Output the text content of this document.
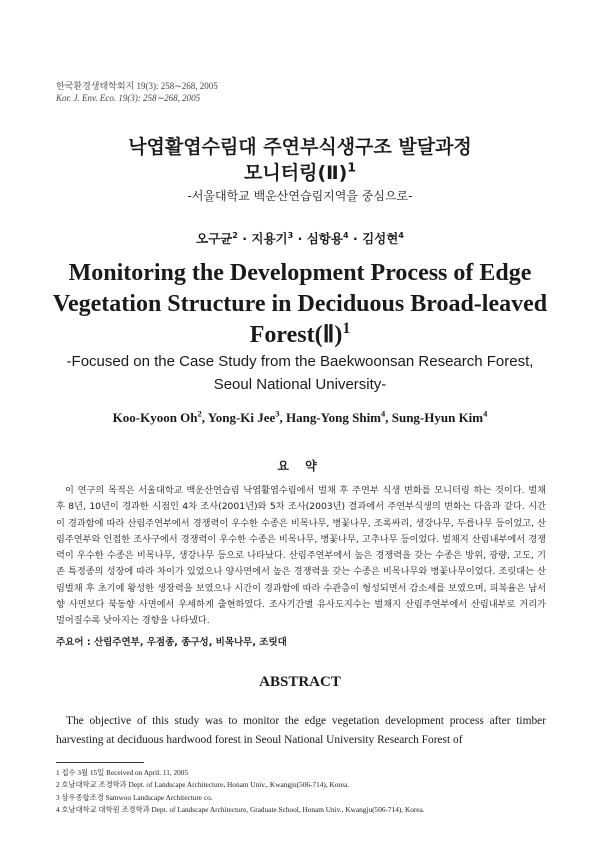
한국환경생태학회지 19(3): 258∼268, 2005
Kor. J. Env. Eco. 19(3): 258∼268, 2005
낙엽활엽수림대 주연부식생구조 발달과정
모니터링(Ⅱ)$^1$
-서울대학교 백운산연습림지역을 중심으로-
오구균$^2$ · 지용기$^3$ · 심항용$^4$ · 김성현$^4$
Monitoring the Development Process of Edge
Vegetation Structure in Deciduous Broad-leaved
Forest(Ⅱ)$^1$
-Focused on the Case Study from the Baekwoonsan Research Forest,
Seoul National University-
Koo-Kyoon Oh$^2$, Yong-Ki Jee$^3$, Hang-Yong Shim$^4$, Sung-Hyun Kim$^4$
요 약
이 연구의 목적은 서울대학교 백운산연습림 낙엽활엽수림에서 벌채 후 주연부 식생 변화를 모니터링 하는 것이다. 벌채 후 8년, 10년이 경과한 시점인 4차 조사(2001년)와 5차 조사(2003년) 결과에서 주연부식생의 변화는 다음과 같다. 시간이 경과함에 따라 산림주연부에서 경쟁력이 우수한 수종은 비목나무, 병꽃나무, 조록싸리, 생강나무, 두릅나무 등이었고, 산림주연부와 인접한 조사구에서 경쟁력이 우수한 수종은 비목나무, 병꽃나무, 고추나무 등이었다. 벌채지 산림내부에서 경쟁력이 우수한 수종은 비목나무, 생강나무 등으로 나타났다. 산림주연부에서 높은 경쟁력을 갖는 수종은 방위, 광량, 고도, 기존 특정종의 성장에 따라 차이가 있었으나 양사면에서 높은 경쟁력을 갖는 수종은 비목나무와 병꽃나무이었다. 조릿대는 산림벌채 후 초기에 왕성한 생장력을 보였으나 시간이 경과함에 따라 수관층이 형성되면서 감소세를 보였으며, 피복율은 남서향 사면보다 북동향 사면에서 우세하게 출현하였다. 조사기간별 유사도지수는 벌채지 산림주연부에서 산림내부로 거리가 멀어질수록 낮아지는 경향을 나타냈다.
주요어 : 산림주연부, 우점종, 종구성, 비목나무, 조릿대
ABSTRACT
The objective of this study was to monitor the edge vegetation development process after timber harvesting at deciduous hardwood forest in Seoul National University Research Forest of
1 접수 3월 15일 Received on April. 11, 2005
2 호남대학교 조경학과 Dept. of Landscape Architecture, Honam Univ., Kwangju(506-714), Korea.
3 삼우종합조경 Samwoo Landscape Architecture co.
4 호남대학교 대학원 조경학과 Dept. of Landscape Architecture, Graduate School, Honam Univ., Kwangju(506-714), Korea.
